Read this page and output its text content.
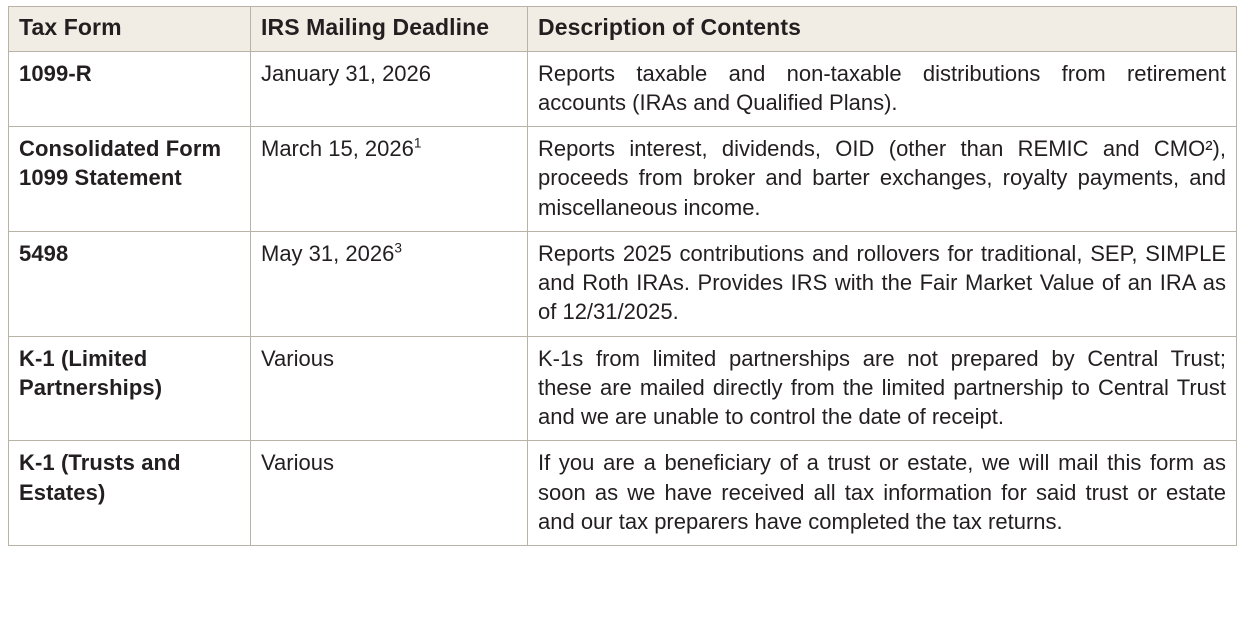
Tax Form	IRS Mailing Deadline	Description of Contents
1099-R	January 31, 2026	Reports taxable and non-taxable distributions from retirement accounts (IRAs and Qualified Plans).
Consolidated Form 1099 Statement	March 15, 2026$^1$	Reports interest, dividends, OID (other than REMIC and CMO²), proceeds from broker and barter exchanges, royalty payments, and miscellaneous income.
5498	May 31, 2026$^3$	Reports 2025 contributions and rollovers for traditional, SEP, SIMPLE and Roth IRAs. Provides IRS with the Fair Market Value of an IRA as of 12/31/2025.
K-1 (Limited Partnerships)	Various	K-1s from limited partnerships are not prepared by Central Trust; these are mailed directly from the limited partnership to Central Trust and we are unable to control the date of receipt.
K-1 (Trusts and Estates)	Various	If you are a beneficiary of a trust or estate, we will mail this form as soon as we have received all tax information for said trust or estate and our tax preparers have completed the tax returns.
